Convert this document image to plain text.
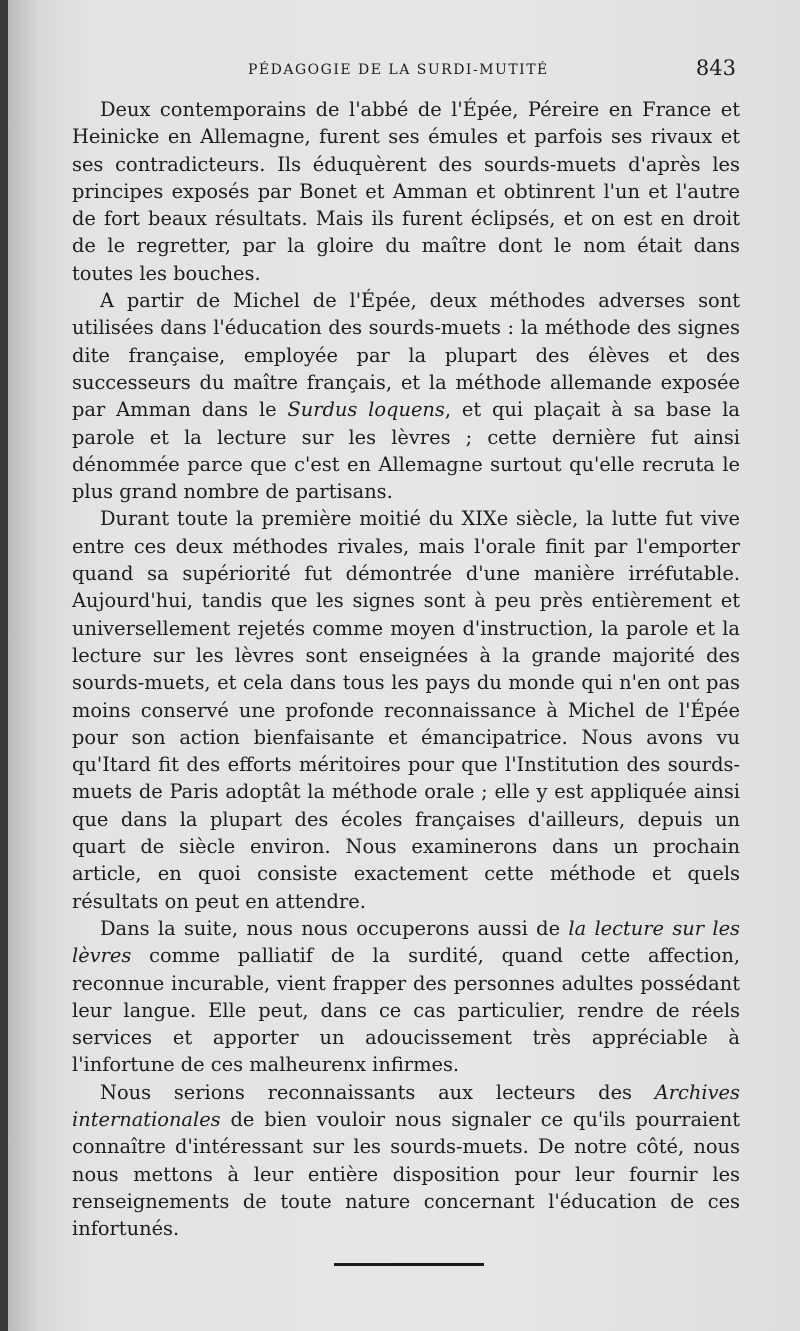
PÉDAGOGIE DE LA SURDI-MUTITÉ	843

Deux contemporains de l'abbé de l'Épée, Péreire en France et Heinicke en Allemagne, furent ses émules et parfois ses rivaux et ses contradicteurs. Ils éduquèrent des sourds-muets d'après les principes exposés par Bonet et Amman et obtinrent l'un et l'autre de fort beaux résultats. Mais ils furent éclipsés, et on est en droit de le regretter, par la gloire du maître dont le nom était dans toutes les bouches.

A partir de Michel de l'Épée, deux méthodes adverses sont utilisées dans l'éducation des sourds-muets : la méthode des signes dite française, employée par la plupart des élèves et des successeurs du maître français, et la méthode allemande exposée par Amman dans le Surdus loquens, et qui plaçait à sa base la parole et la lecture sur les lèvres ; cette dernière fut ainsi dénommée parce que c'est en Allemagne surtout qu'elle recruta le plus grand nombre de partisans.

Durant toute la première moitié du XIXe siècle, la lutte fut vive entre ces deux méthodes rivales, mais l'orale finit par l'emporter quand sa supériorité fut démontrée d'une manière irréfutable. Aujourd'hui, tandis que les signes sont à peu près entièrement et universellement rejetés comme moyen d'instruction, la parole et la lecture sur les lèvres sont enseignées à la grande majorité des sourds-muets, et cela dans tous les pays du monde qui n'en ont pas moins conservé une profonde reconnaissance à Michel de l'Épée pour son action bienfaisante et émancipatrice. Nous avons vu qu'Itard fit des efforts méritoires pour que l'Institution des sourds-muets de Paris adoptât la méthode orale ; elle y est appliquée ainsi que dans la plupart des écoles françaises d'ailleurs, depuis un quart de siècle environ. Nous examinerons dans un prochain article, en quoi consiste exactement cette méthode et quels résultats on peut en attendre.

Dans la suite, nous nous occuperons aussi de la lecture sur les lèvres comme palliatif de la surdité, quand cette affection, reconnue incurable, vient frapper des personnes adultes possédant leur langue. Elle peut, dans ce cas particulier, rendre de réels services et apporter un adoucissement très appréciable à l'infortune de ces malheurenx infirmes.

Nous serions reconnaissants aux lecteurs des Archives internationales de bien vouloir nous signaler ce qu'ils pourraient connaître d'intéressant sur les sourds-muets. De notre côté, nous nous mettons à leur entière disposition pour leur fournir les renseignements de toute nature concernant l'éducation de ces infortunés.
